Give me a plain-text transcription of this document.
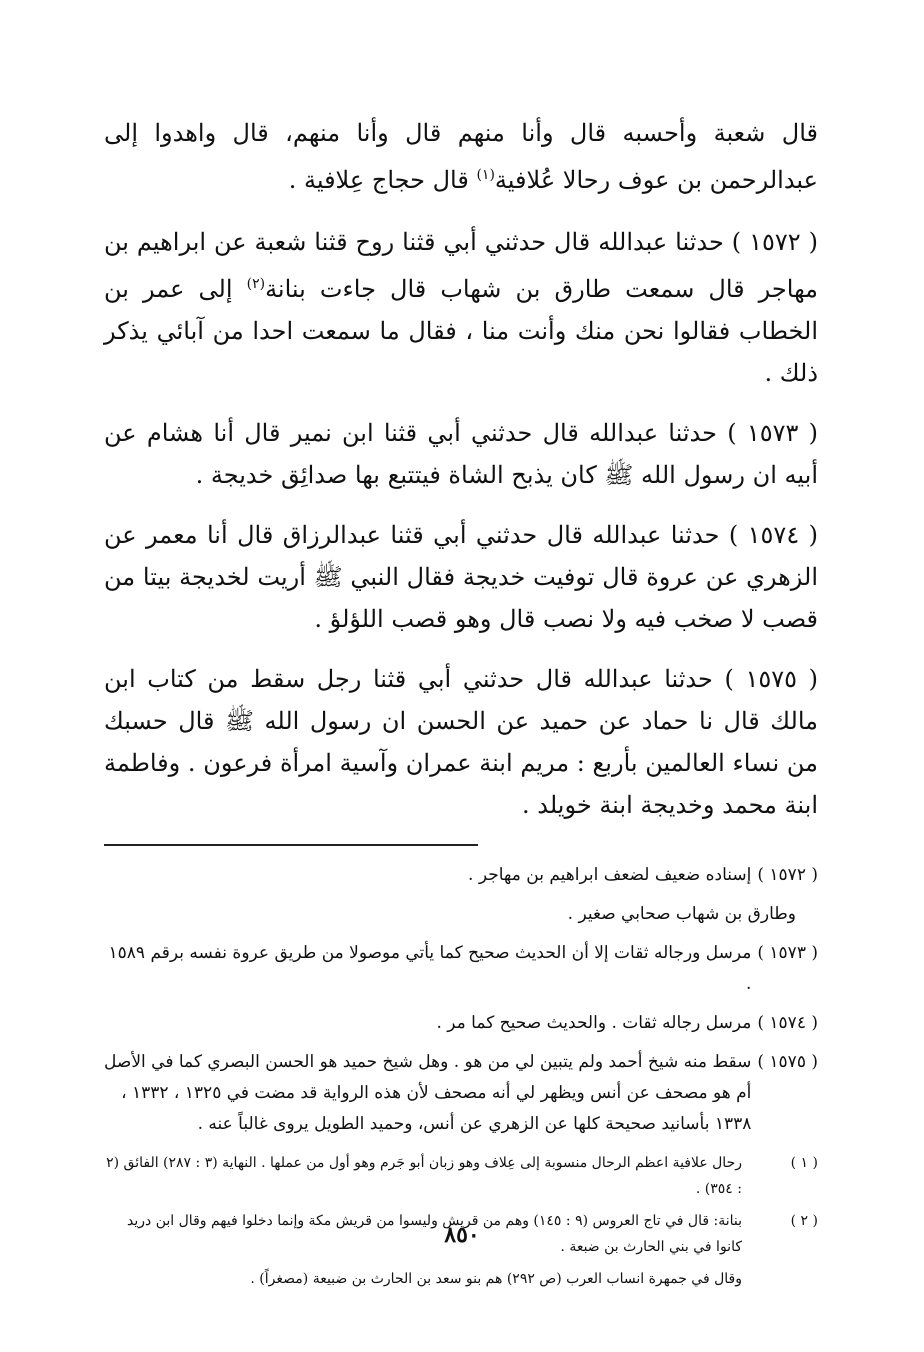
قال شعبة وأحسبه قال وأنا منهم قال وأنا منهم، قال واهدوا إلى عبدالرحمن بن عوف رحالا عُلافية$^{(١)}$ قال حجاج عِلافية .

( ١٥٧٢ ) حدثنا عبدالله قال حدثني أبي قثنا روح قثنا شعبة عن ابراهيم بن مهاجر قال سمعت طارق بن شهاب قال جاءت بنانة$^{(٢)}$ إلى عمر بن الخطاب فقالوا نحن منك وأنت منا ، فقال ما سمعت احدا من آبائي يذكر ذلك .

( ١٥٧٣ ) حدثنا عبدالله قال حدثني أبي قثنا ابن نمير قال أنا هشام عن أبيه ان رسول الله ﷺ كان يذبح الشاة فيتتبع بها صدائِق خديجة .

( ١٥٧٤ ) حدثنا عبدالله قال حدثني أبي قثنا عبدالرزاق قال أنا معمر عن الزهري عن عروة قال توفيت خديجة فقال النبي ﷺ أريت لخديجة بيتا من قصب لا صخب فيه ولا نصب قال وهو قصب اللؤلؤ .

( ١٥٧٥ ) حدثنا عبدالله قال حدثني أبي قثنا رجل سقط من كتاب ابن مالك قال نا حماد عن حميد عن الحسن ان رسول الله ﷺ قال حسبك من نساء العالمين بأربع : مريم ابنة عمران وآسية امرأة فرعون . وفاطمة ابنة محمد وخديجة ابنة خويلد .

( ١٥٧٢ )
إسناده ضعيف لضعف ابراهيم بن مهاجر .
وطارق بن شهاب صحابي صغير .
( ١٥٧٣ )
مرسل ورجاله ثقات إلا أن الحديث صحيح كما يأتي موصولا من طريق عروة نفسه برقم ١٥٨٩ .
( ١٥٧٤ )
مرسل رجاله ثقات . والحديث صحيح كما مر .
( ١٥٧٥ )
سقط منه شيخ أحمد ولم يتبين لي من هو . وهل شيخ حميد هو الحسن البصري كما في الأصل أم هو مصحف عن أنس ويظهر لي أنه مصحف لأن هذه الرواية قد مضت في ١٣٢٥ ، ١٣٣٢ ، ١٣٣٨ بأسانيد صحيحة كلها عن الزهري عن أنس، وحميد الطويل يروى غالباً عنه .
( ١ )
رحال علافية اعظم الرحال منسوبة إلى عِلاف وهو زبان أبو جَرم وهو أول من عملها . النهاية (٣ : ٢٨٧) الفائق (٢ : ٣٥٤) .
( ٢ )
بنانة: قال في تاج العروس (٩ : ١٤٥) وهم من قريش وليسوا من قريش مكة وإنما دخلوا فيهم وقال ابن دريد كانوا في بني الحارث بن ضبعة .
وقال في جمهرة انساب العرب (ص ٢٩٢) هم بنو سعد بن الحارث بن ضبيعة (مصغراً) .
٨٥٠
